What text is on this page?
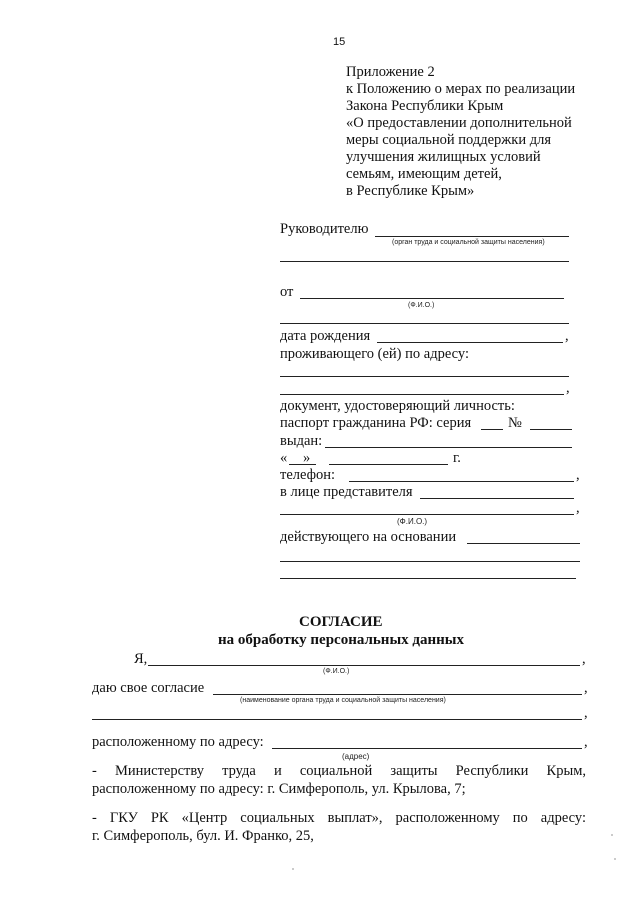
15
Приложение 2
к Положению о мерах по реализации
Закона Республики Крым
«О предоставлении дополнительной
меры социальной поддержки для
улучшения жилищных условий
семьям, имеющим детей,
в Республике Крым»
Руководителю
(орган труда и социальной защиты населения)
от
(Ф.И.О.)
дата рождения	,
проживающего (ей) по адресу:
,
документ, удостоверяющий личность:
паспорт гражданина РФ: серия	№
выдан:
« »	г.
телефон:	,
в лице представителя
,
(Ф.И.О.)
действующего на основании
СОГЛАСИЕ
на обработку персональных данных
Я,	,
(Ф.И.О.)
даю свое согласие	,
(наименование органа труда и социальной защиты населения)
,
расположенному по адресу:	,
(адрес)
- Министерству труда и социальной защиты Республики Крым,
расположенному по адресу: г. Симферополь, ул. Крылова, 7;
- ГКУ РК «Центр социальных выплат», расположенному по адресу:
г. Симферополь, бул. И. Франко, 25,
